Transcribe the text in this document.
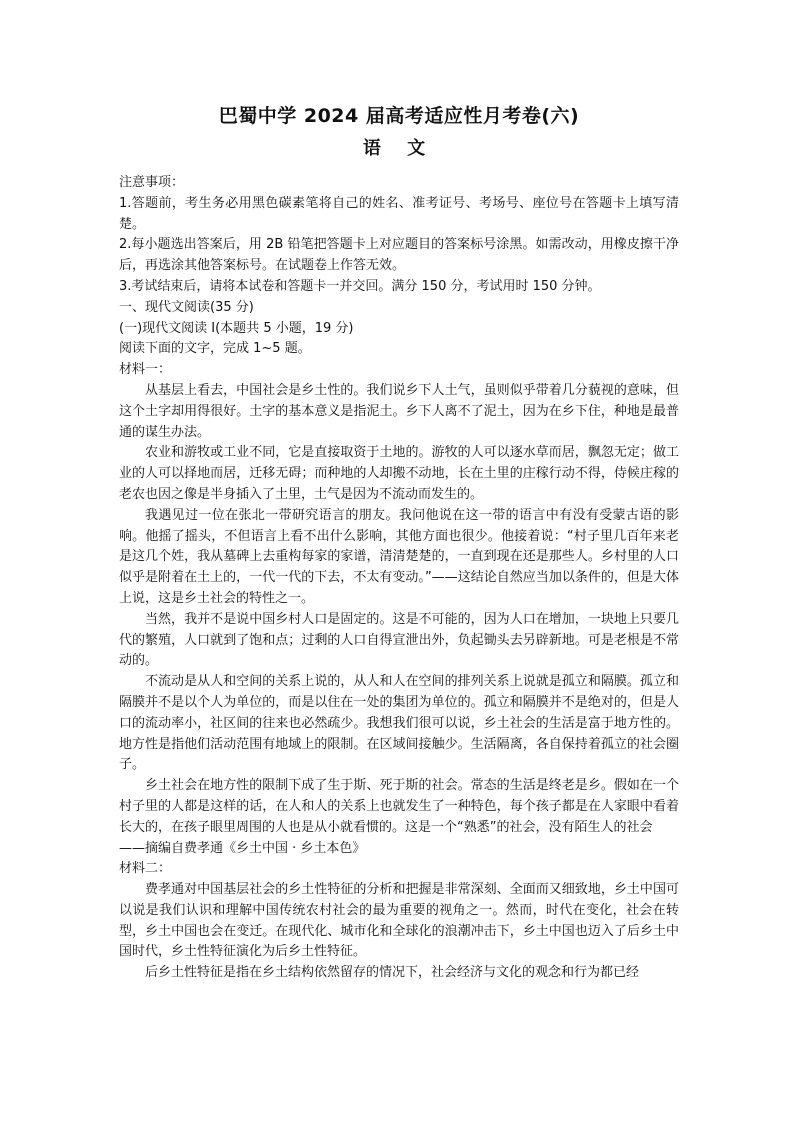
巴蜀中学 2024 届高考适应性月考卷(六)
语 文

注意事项：

1.答题前，考生务必用黑色碳素笔将自己的姓名、准考证号、考场号、座位号在答题卡上填写清楚。

2.每小题选出答案后，用 2B 铅笔把答题卡上对应题目的答案标号涂黑。如需改动，用橡皮擦干净后，再选涂其他答案标号。在试题卷上作答无效。

3.考试结束后，请将本试卷和答题卡一并交回。满分 150 分，考试用时 150 分钟。

一、现代文阅读(35 分)

(一)现代文阅读 I(本题共 5 小题，19 分)

阅读下面的文字，完成 1~5 题。

材料一：

从基层上看去，中国社会是乡土性的。我们说乡下人土气，虽则似乎带着几分藐视的意味，但这个土字却用得很好。土字的基本意义是指泥土。乡下人离不了泥土，因为在乡下住，种地是最普通的谋生办法。

农业和游牧或工业不同，它是直接取资于土地的。游牧的人可以逐水草而居，飘忽无定；做工业的人可以择地而居，迁移无碍；而种地的人却搬不动地，长在土里的庄稼行动不得，侍候庄稼的老农也因之像是半身插入了土里，土气是因为不流动而发生的。

我遇见过一位在张北一带研究语言的朋友。我问他说在这一带的语言中有没有受蒙古语的影响。他摇了摇头，不但语言上看不出什么影响，其他方面也很少。他接着说：“村子里几百年来老是这几个姓，我从墓碑上去重构每家的家谱，清清楚楚的，一直到现在还是那些人。乡村里的人口似乎是附着在土上的，一代一代的下去，不太有变动。”——这结论自然应当加以条件的，但是大体上说，这是乡土社会的特性之一。

当然，我并不是说中国乡村人口是固定的。这是不可能的，因为人口在增加，一块地上只要几代的繁殖，人口就到了饱和点；过剩的人口自得宣泄出外，负起锄头去另辟新地。可是老根是不常动的。

不流动是从人和空间的关系上说的，从人和人在空间的排列关系上说就是孤立和隔膜。孤立和隔膜并不是以个人为单位的，而是以住在一处的集团为单位的。孤立和隔膜并不是绝对的，但是人口的流动率小，社区间的往来也必然疏少。我想我们很可以说，乡土社会的生活是富于地方性的。地方性是指他们活动范围有地域上的限制。在区域间接触少。生活隔离，各自保持着孤立的社会圈子。

乡土社会在地方性的限制下成了生于斯、死于斯的社会。常态的生活是终老是乡。假如在一个村子里的人都是这样的话，在人和人的关系上也就发生了一种特色，每个孩子都是在人家眼中看着长大的，在孩子眼里周围的人也是从小就看惯的。这是一个“熟悉”的社会，没有陌生人的社会

——摘编自费孝通《乡土中国 · 乡土本色》

材料二：

费孝通对中国基层社会的乡土性特征的分析和把握是非常深刻、全面而又细致地，乡土中国可以说是我们认识和理解中国传统农村社会的最为重要的视角之一。然而，时代在变化，社会在转型，乡土中国也会在变迁。在现代化、城市化和全球化的浪潮冲击下，乡土中国也迈入了后乡土中国时代，乡土性特征演化为后乡土性特征。

后乡土性特征是指在乡土结构依然留存的情况下，社会经济与文化的观念和行为都已经
